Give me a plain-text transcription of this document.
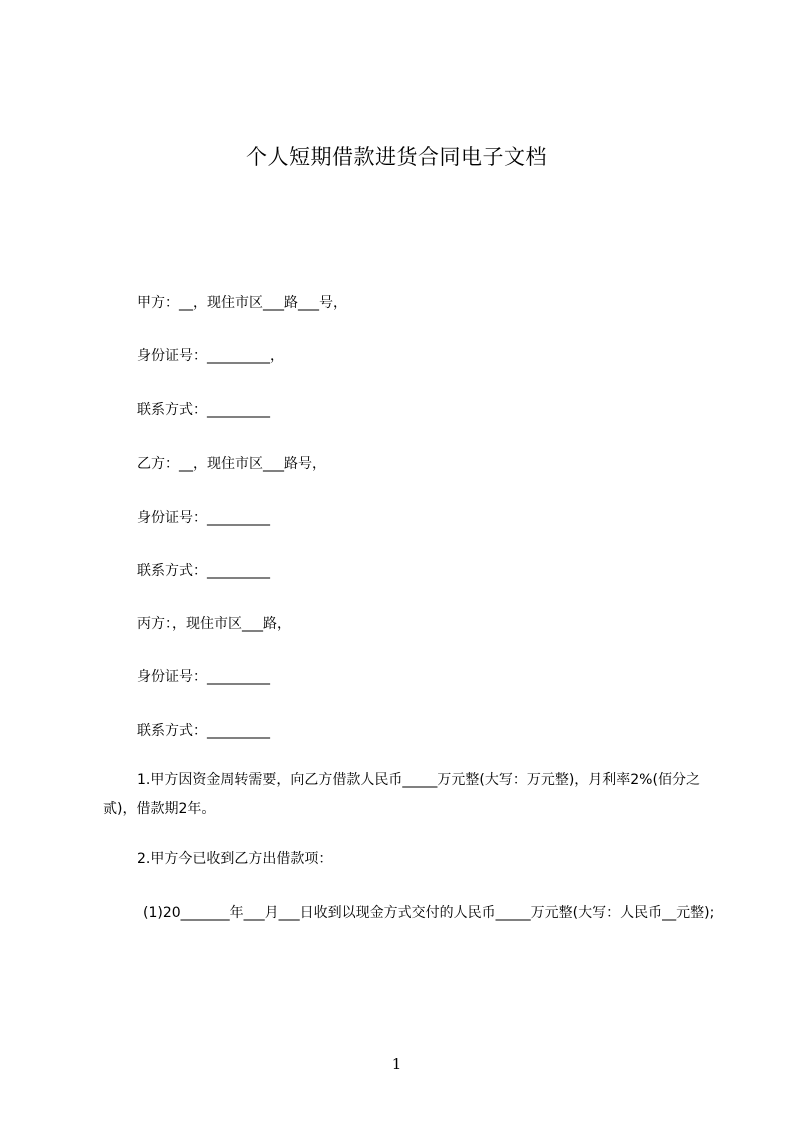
个人短期借款进货合同电子文档
甲方：__，现住市区___路___号，
身份证号：_________，
联系方式：_________
乙方：__，现住市区___路号，
身份证号：_________
联系方式：_________
丙方：，现住市区___路，
身份证号：_________
联系方式：_________
1.甲方因资金周转需要，向乙方借款人民币_____万元整(大写：万元整)，月利率2%(佰分之贰)，借款期2年。
2.甲方今已收到乙方出借款项：
(1)20_______年___月___日收到以现金方式交付的人民币_____万元整(大写：人民币__元整);
1
